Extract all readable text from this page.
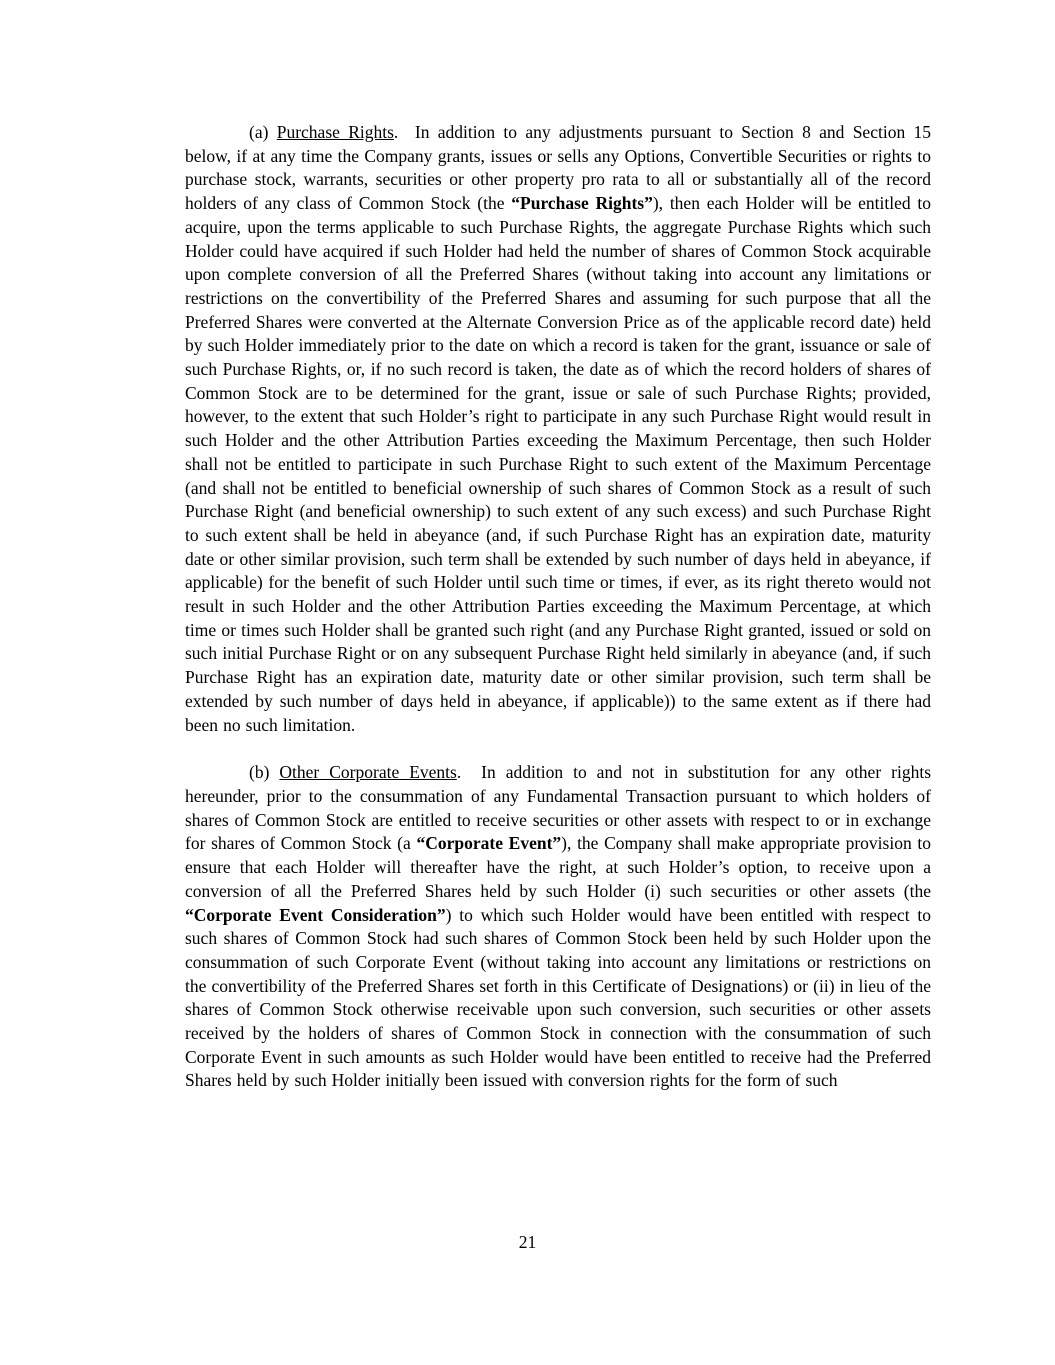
(a) Purchase Rights.  In addition to any adjustments pursuant to Section 8 and Section 15 below, if at any time the Company grants, issues or sells any Options, Convertible Securities or rights to purchase stock, warrants, securities or other property pro rata to all or substantially all of the record holders of any class of Common Stock (the “Purchase Rights”), then each Holder will be entitled to acquire, upon the terms applicable to such Purchase Rights, the aggregate Purchase Rights which such Holder could have acquired if such Holder had held the number of shares of Common Stock acquirable upon complete conversion of all the Preferred Shares (without taking into account any limitations or restrictions on the convertibility of the Preferred Shares and assuming for such purpose that all the Preferred Shares were converted at the Alternate Conversion Price as of the applicable record date) held by such Holder immediately prior to the date on which a record is taken for the grant, issuance or sale of such Purchase Rights, or, if no such record is taken, the date as of which the record holders of shares of Common Stock are to be determined for the grant, issue or sale of such Purchase Rights; provided, however, to the extent that such Holder’s right to participate in any such Purchase Right would result in such Holder and the other Attribution Parties exceeding the Maximum Percentage, then such Holder shall not be entitled to participate in such Purchase Right to such extent of the Maximum Percentage (and shall not be entitled to beneficial ownership of such shares of Common Stock as a result of such Purchase Right (and beneficial ownership) to such extent of any such excess) and such Purchase Right to such extent shall be held in abeyance (and, if such Purchase Right has an expiration date, maturity date or other similar provision, such term shall be extended by such number of days held in abeyance, if applicable) for the benefit of such Holder until such time or times, if ever, as its right thereto would not result in such Holder and the other Attribution Parties exceeding the Maximum Percentage, at which time or times such Holder shall be granted such right (and any Purchase Right granted, issued or sold on such initial Purchase Right or on any subsequent Purchase Right held similarly in abeyance (and, if such Purchase Right has an expiration date, maturity date or other similar provision, such term shall be extended by such number of days held in abeyance, if applicable)) to the same extent as if there had been no such limitation.

(b) Other Corporate Events.  In addition to and not in substitution for any other rights hereunder, prior to the consummation of any Fundamental Transaction pursuant to which holders of shares of Common Stock are entitled to receive securities or other assets with respect to or in exchange for shares of Common Stock (a “Corporate Event”), the Company shall make appropriate provision to ensure that each Holder will thereafter have the right, at such Holder’s option, to receive upon a conversion of all the Preferred Shares held by such Holder (i) such securities or other assets (the “Corporate Event Consideration”) to which such Holder would have been entitled with respect to such shares of Common Stock had such shares of Common Stock been held by such Holder upon the consummation of such Corporate Event (without taking into account any limitations or restrictions on the convertibility of the Preferred Shares set forth in this Certificate of Designations) or (ii) in lieu of the shares of Common Stock otherwise receivable upon such conversion, such securities or other assets received by the holders of shares of Common Stock in connection with the consummation of such Corporate Event in such amounts as such Holder would have been entitled to receive had the Preferred Shares held by such Holder initially been issued with conversion rights for the form of such

21
